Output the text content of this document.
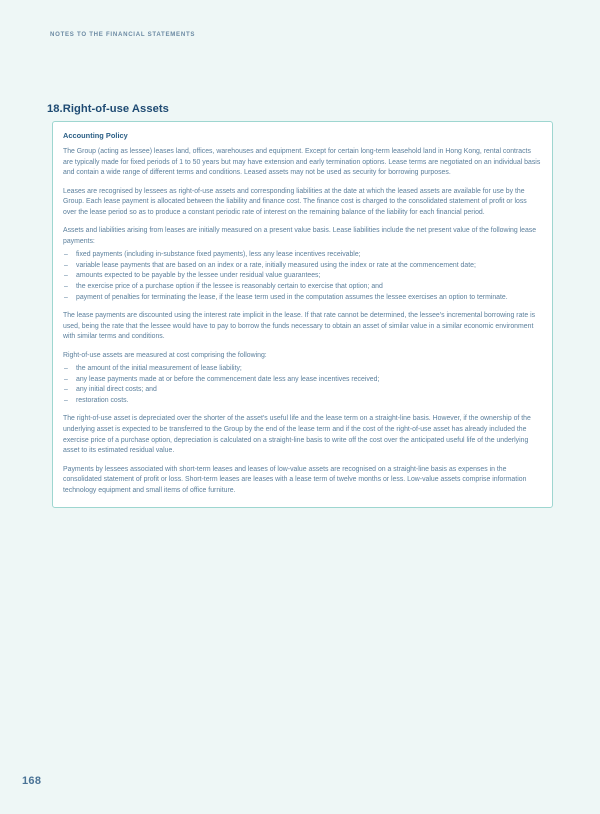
NOTES TO THE FINANCIAL STATEMENTS
18.Right-of-use Assets
Accounting Policy

The Group (acting as lessee) leases land, offices, warehouses and equipment. Except for certain long-term leasehold land in Hong Kong, rental contracts are typically made for fixed periods of 1 to 50 years but may have extension and early termination options. Lease terms are negotiated on an individual basis and contain a wide range of different terms and conditions. Leased assets may not be used as security for borrowing purposes.

Leases are recognised by lessees as right-of-use assets and corresponding liabilities at the date at which the leased assets are available for use by the Group. Each lease payment is allocated between the liability and finance cost. The finance cost is charged to the consolidated statement of profit or loss over the lease period so as to produce a constant periodic rate of interest on the remaining balance of the liability for each financial period.

Assets and liabilities arising from leases are initially measured on a present value basis. Lease liabilities include the net present value of the following lease payments:

– fixed payments (including in-substance fixed payments), less any lease incentives receivable;
– variable lease payments that are based on an index or a rate, initially measured using the index or rate at the commencement date;
– amounts expected to be payable by the lessee under residual value guarantees;
– the exercise price of a purchase option if the lessee is reasonably certain to exercise that option; and
– payment of penalties for terminating the lease, if the lease term used in the computation assumes the lessee exercises an option to terminate.

The lease payments are discounted using the interest rate implicit in the lease. If that rate cannot be determined, the lessee's incremental borrowing rate is used, being the rate that the lessee would have to pay to borrow the funds necessary to obtain an asset of similar value in a similar economic environment with similar terms and conditions.

Right-of-use assets are measured at cost comprising the following:

– the amount of the initial measurement of lease liability;
– any lease payments made at or before the commencement date less any lease incentives received;
– any initial direct costs; and
– restoration costs.

The right-of-use asset is depreciated over the shorter of the asset's useful life and the lease term on a straight-line basis. However, if the ownership of the underlying asset is expected to be transferred to the Group by the end of the lease term and if the cost of the right-of-use asset has already included the exercise price of a purchase option, depreciation is calculated on a straight-line basis to write off the cost over the anticipated useful life of the underlying asset to its estimated residual value.

Payments by lessees associated with short-term leases and leases of low-value assets are recognised on a straight-line basis as expenses in the consolidated statement of profit or loss. Short-term leases are leases with a lease term of twelve months or less. Low-value assets comprise information technology equipment and small items of office furniture.

168
